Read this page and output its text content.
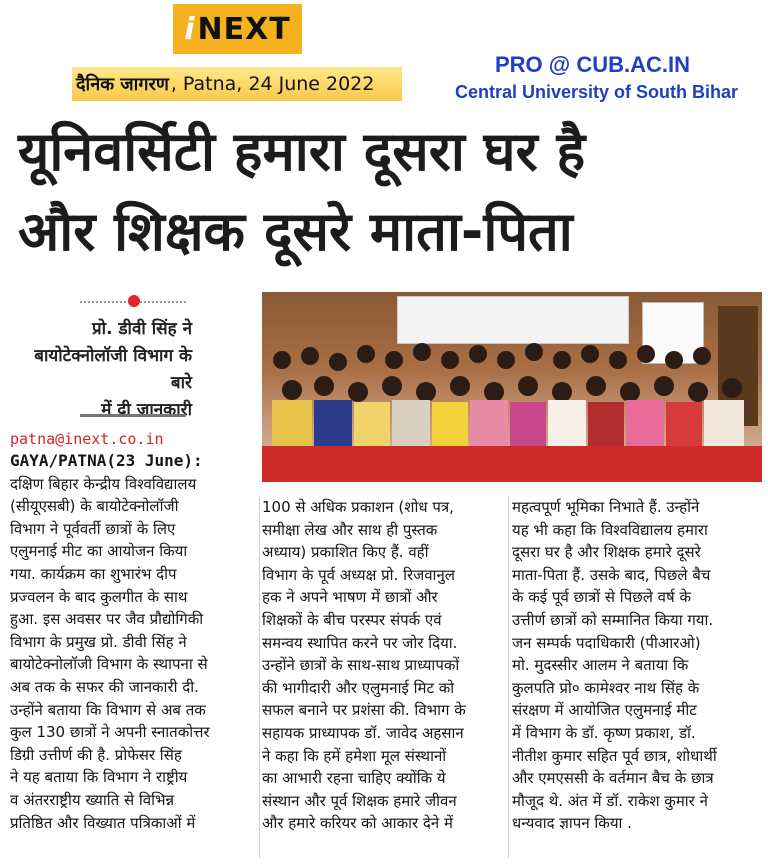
i NEXT
दैनिक जागरण , Patna, 24 June 2022
PRO @ CUB.AC.IN
Central University of South Bihar
यूनिवर्सिटी हमारा दूसरा घर है
और शिक्षक दूसरे माता-पिता
प्रो. डीवी सिंह ने
बायोटेक्नोलॉजी विभाग के बारे
में दी जानकारी
patna@inext.co.in
GAYA/PATNA(23 June):
दक्षिण बिहार केन्द्रीय विश्वविद्यालय
(सीयूएसबी) के बायोटेक्नोलॉजी
विभाग ने पूर्ववर्ती छात्रों के लिए
एलुमनाई मीट का आयोजन किया
गया. कार्यक्रम का शुभारंभ दीप
प्रज्वलन के बाद कुलगीत के साथ
हुआ. इस अवसर पर जैव प्रौद्योगिकी
विभाग के प्रमुख प्रो. डीवी सिंह ने
बायोटेक्नोलॉजी विभाग के स्थापना से
अब तक के सफर की जानकारी दी.
उन्होंने बताया कि विभाग से अब तक
कुल 130 छात्रों ने अपनी स्नातकोत्तर
डिग्री उत्तीर्ण की है. प्रोफेसर सिंह
ने यह बताया कि विभाग ने राष्ट्रीय
व अंतरराष्ट्रीय ख्याति से विभिन्न
प्रतिष्ठित और विख्यात पत्रिकाओं में
100 से अधिक प्रकाशन (शोध पत्र,
समीक्षा लेख और साथ ही पुस्तक
अध्याय) प्रकाशित किए हैं. वहीं
विभाग के पूर्व अध्यक्ष प्रो. रिजवानुल
हक ने अपने भाषण में छात्रों और
शिक्षकों के बीच परस्पर संपर्क एवं
समन्वय स्थापित करने पर जोर दिया.
उन्होंने छात्रों के साथ-साथ प्राध्यापकों
की भागीदारी और एलुमनाई मिट को
सफल बनाने पर प्रशंसा की. विभाग के
सहायक प्राध्यापक डॉ. जावेद अहसान
ने कहा कि हमें हमेशा मूल संस्थानों
का आभारी रहना चाहिए क्योंकि ये
संस्थान और पूर्व शिक्षक हमारे जीवन
और हमारे करियर को आकार देने में
महत्वपूर्ण भूमिका निभाते हैं. उन्होंने
यह भी कहा कि विश्वविद्यालय हमारा
दूसरा घर है और शिक्षक हमारे दूसरे
माता-पिता हैं. उसके बाद, पिछले बैच
के कई पूर्व छात्रों से पिछले वर्ष के
उत्तीर्ण छात्रों को सम्मानित किया गया.
जन सम्पर्क पदाधिकारी (पीआरओ)
मो. मुदस्सीर आलम ने बताया कि
कुलपति प्रो० कामेश्वर नाथ सिंह के
संरक्षण में आयोजित एलुमनाई मीट
में विभाग के डॉ. कृष्ण प्रकाश, डॉ.
नीतीश कुमार सहित पूर्व छात्र, शोधार्थी
और एमएससी के वर्तमान बैच के छात्र
मौजूद थे. अंत में डॉ. राकेश कुमार ने
धन्यवाद ज्ञापन किया .
